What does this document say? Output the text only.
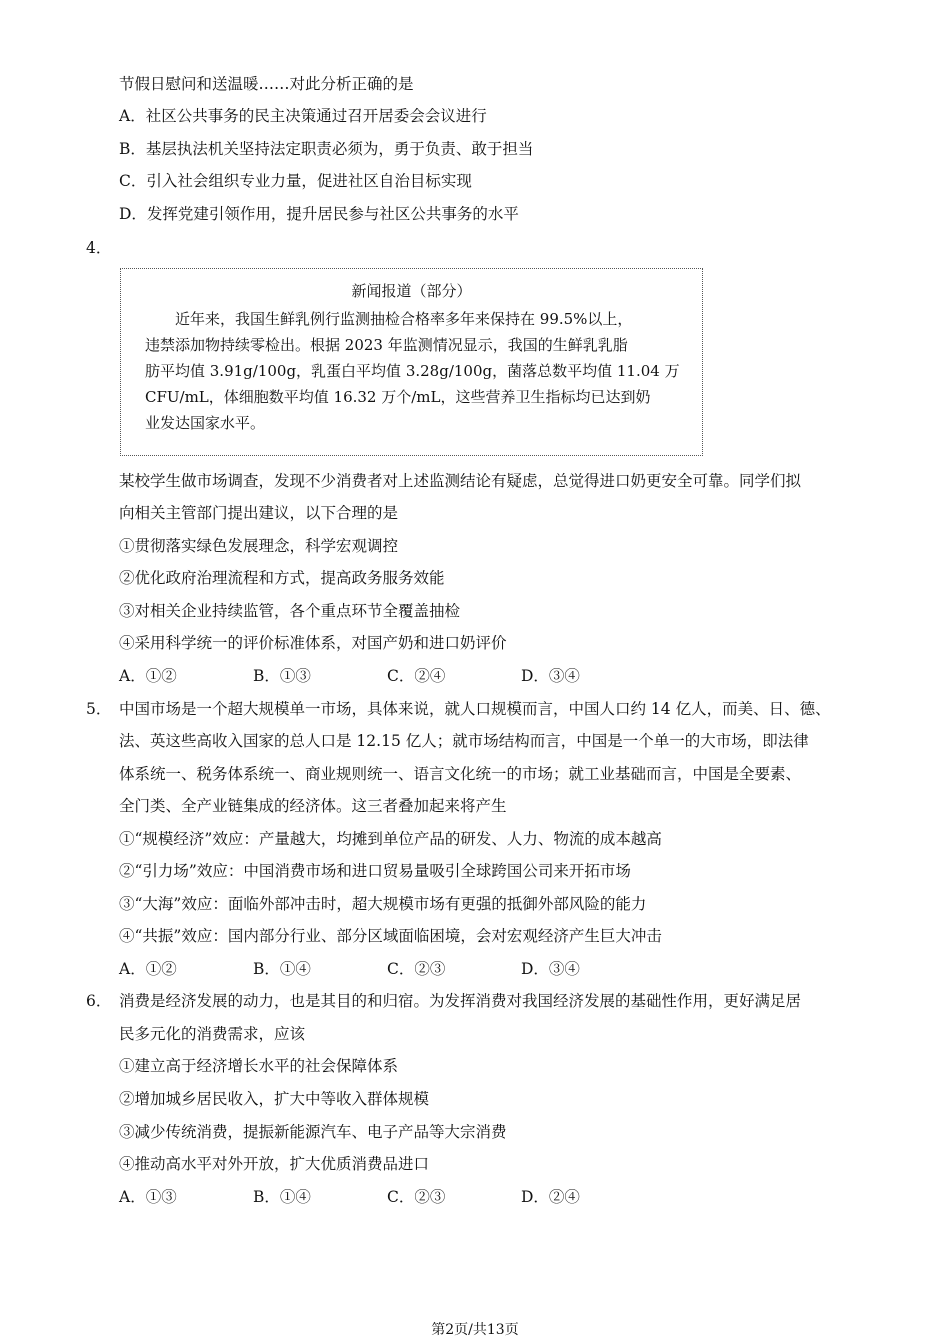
节假日慰问和送温暖……对此分析正确的是
A．社区公共事务的民主决策通过召开居委会会议进行
B．基层执法机关坚持法定职责必须为，勇于负责、敢于担当
C．引入社会组织专业力量，促进社区自治目标实现
D．发挥党建引领作用，提升居民参与社区公共事务的水平
4．
新闻报道（部分）
　　近年来，我国生鲜乳例行监测抽检合格率多年来保持在 99.5%以上，
违禁添加物持续零检出。根据 2023 年监测情况显示，我国的生鲜乳乳脂
肪平均值 3.91g/100g，乳蛋白平均值 3.28g/100g，菌落总数平均值 11.04 万
CFU/mL，体细胞数平均值 16.32 万个/mL，这些营养卫生指标均已达到奶
业发达国家水平。
某校学生做市场调查，发现不少消费者对上述监测结论有疑虑，总觉得进口奶更安全可靠。同学们拟
向相关主管部门提出建议，以下合理的是
①贯彻落实绿色发展理念，科学宏观调控
②优化政府治理流程和方式，提高政务服务效能
③对相关企业持续监管，各个重点环节全覆盖抽检
④采用科学统一的评价标准体系，对国产奶和进口奶评价
A．①②	B．①③	C．②④	D．③④
5． 中国市场是一个超大规模单一市场，具体来说，就人口规模而言，中国人口约 14 亿人，而美、日、德、
法、英这些高收入国家的总人口是 12.15 亿人；就市场结构而言，中国是一个单一的大市场，即法律
体系统一、税务体系统一、商业规则统一、语言文化统一的市场；就工业基础而言，中国是全要素、
全门类、全产业链集成的经济体。这三者叠加起来将产生
①“规模经济”效应：产量越大，均摊到单位产品的研发、人力、物流的成本越高
②“引力场”效应：中国消费市场和进口贸易量吸引全球跨国公司来开拓市场
③“大海”效应：面临外部冲击时，超大规模市场有更强的抵御外部风险的能力
④“共振”效应：国内部分行业、部分区域面临困境，会对宏观经济产生巨大冲击
A．①②	B．①④	C．②③	D．③④
6． 消费是经济发展的动力，也是其目的和归宿。为发挥消费对我国经济发展的基础性作用，更好满足居
民多元化的消费需求，应该
①建立高于经济增长水平的社会保障体系
②增加城乡居民收入，扩大中等收入群体规模
③减少传统消费，提振新能源汽车、电子产品等大宗消费
④推动高水平对外开放，扩大优质消费品进口
A．①③	B．①④	C．②③	D．②④
第2页/共13页
